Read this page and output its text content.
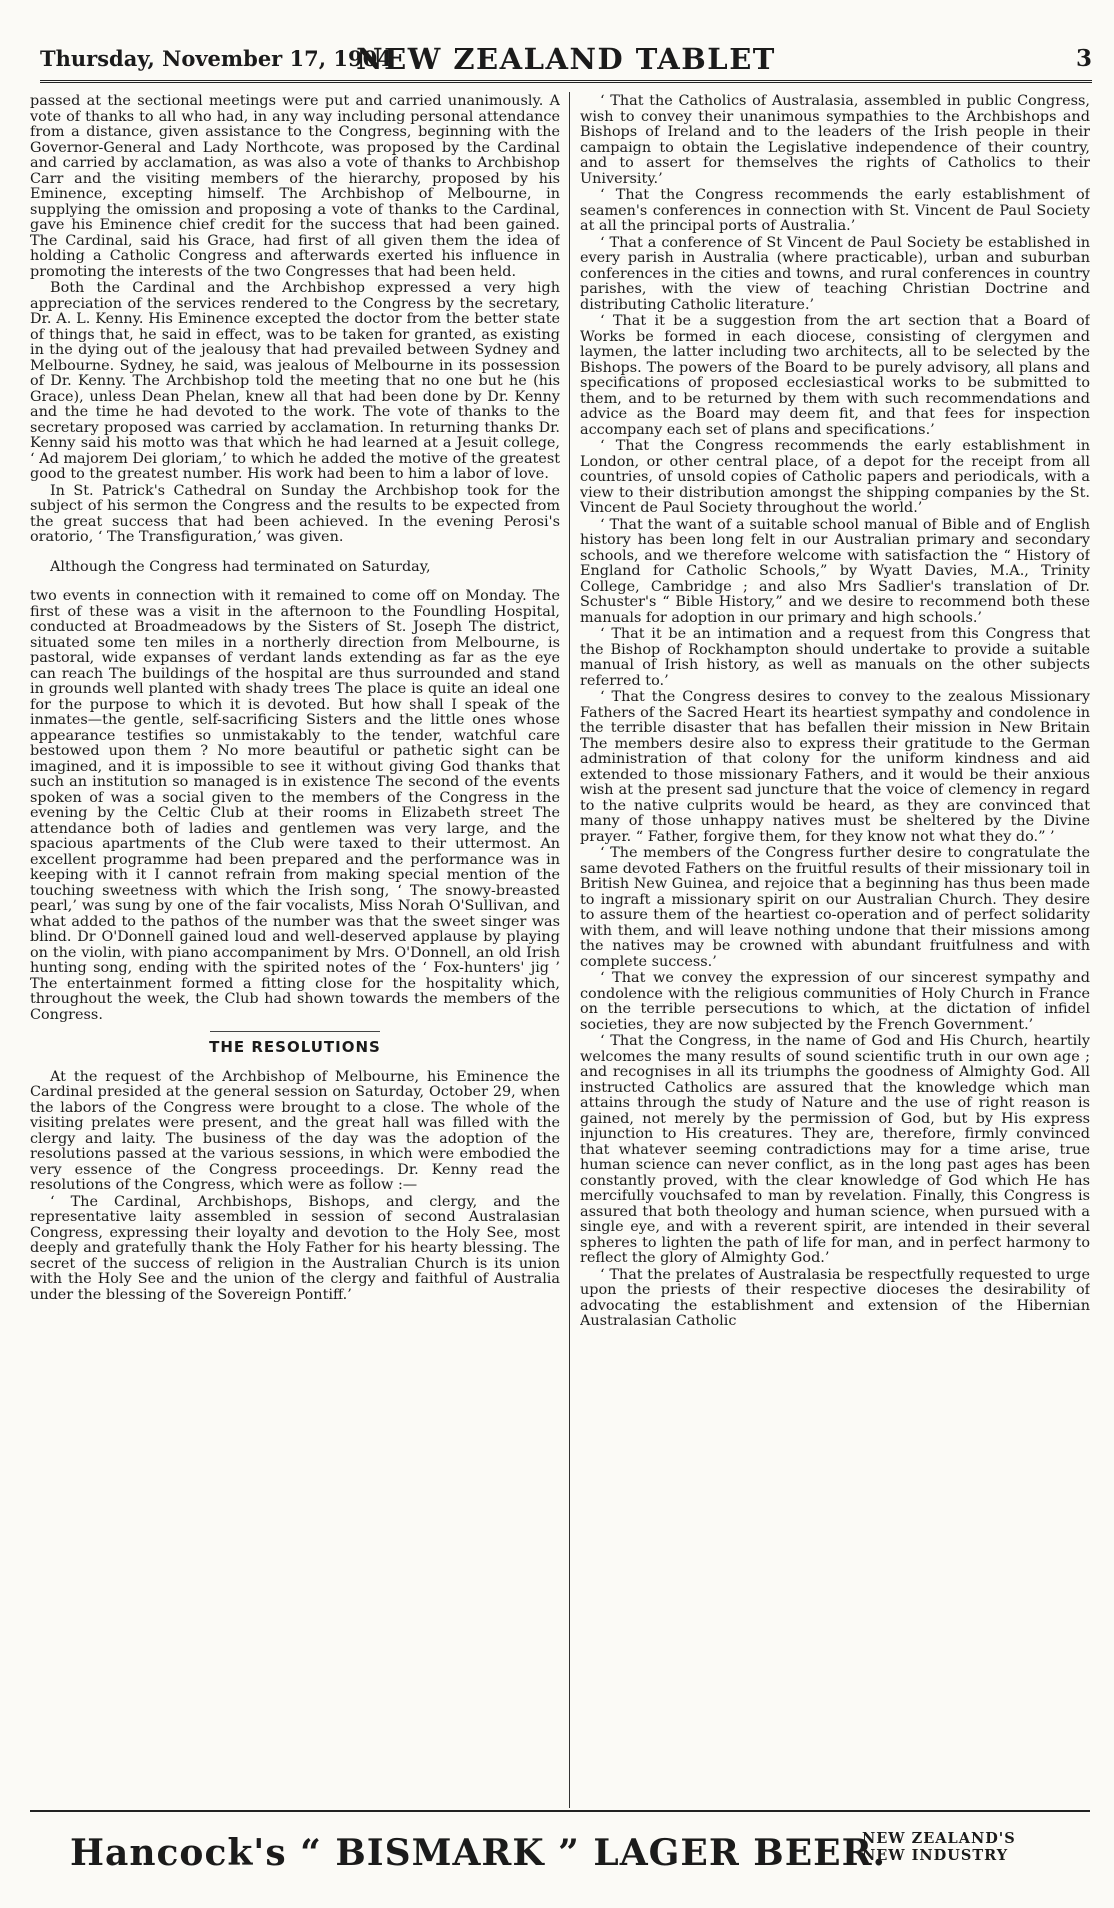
Thursday, November 17, 1904
NEW ZEALAND TABLET	3

passed at the sectional meetings were put and carried unanimously. A vote of thanks to all who had, in any way including personal attendance from a distance, given assistance to the Congress, beginning with the Governor-General and Lady Northcote, was proposed by the Cardinal and carried by acclamation, as was also a vote of thanks to Archbishop Carr and the visiting members of the hierarchy, proposed by his Eminence, excepting himself. The Archbishop of Melbourne, in supplying the omission and proposing a vote of thanks to the Cardinal, gave his Eminence chief credit for the success that had been gained. The Cardinal, said his Grace, had first of all given them the idea of holding a Catholic Congress and afterwards exerted his influence in promoting the interests of the two Congresses that had been held.

Both the Cardinal and the Archbishop expressed a very high appreciation of the services rendered to the Congress by the secretary, Dr. A. L. Kenny. His Eminence excepted the doctor from the better state of things that, he said in effect, was to be taken for granted, as existing in the dying out of the jealousy that had prevailed between Sydney and Melbourne. Sydney, he said, was jealous of Melbourne in its possession of Dr. Kenny. The Archbishop told the meeting that no one but he (his Grace), unless Dean Phelan, knew all that had been done by Dr. Kenny and the time he had devoted to the work. The vote of thanks to the secretary proposed was carried by acclamation. In returning thanks Dr. Kenny said his motto was that which he had learned at a Jesuit college, ‘ Ad majorem Dei gloriam,’ to which he added the motive of the greatest good to the greatest number. His work had been to him a labor of love.

In St. Patrick's Cathedral on Sunday the Archbishop took for the subject of his sermon the Congress and the results to be expected from the great success that had been achieved. In the evening Perosi's oratorio, ‘ The Transfiguration,’ was given.

Although the Congress had terminated on Saturday,

two events in connection with it remained to come off on Monday. The first of these was a visit in the afternoon to the Foundling Hospital, conducted at Broadmeadows by the Sisters of St. Joseph The district, situated some ten miles in a northerly direction from Melbourne, is pastoral, wide expanses of verdant lands extending as far as the eye can reach The buildings of the hospital are thus surrounded and stand in grounds well planted with shady trees The place is quite an ideal one for the purpose to which it is devoted. But how shall I speak of the inmates—the gentle, self-sacrificing Sisters and the little ones whose appearance testifies so unmistakably to the tender, watchful care bestowed upon them ? No more beautiful or pathetic sight can be imagined, and it is impossible to see it without giving God thanks that such an institution so managed is in existence The second of the events spoken of was a social given to the members of the Congress in the evening by the Celtic Club at their rooms in Elizabeth street The attendance both of ladies and gentlemen was very large, and the spacious apartments of the Club were taxed to their uttermost. An excellent programme had been prepared and the performance was in keeping with it I cannot refrain from making special mention of the touching sweetness with which the Irish song, ‘ The snowy-breasted pearl,’ was sung by one of the fair vocalists, Miss Norah O'Sullivan, and what added to the pathos of the number was that the sweet singer was blind. Dr O'Donnell gained loud and well-deserved applause by playing on the violin, with piano accompaniment by Mrs. O'Donnell, an old Irish hunting song, ending with the spirited notes of the ‘ Fox-hunters' jig ’ The entertainment formed a fitting close for the hospitality which, throughout the week, the Club had shown towards the members of the Congress.

THE RESOLUTIONS

At the request of the Archbishop of Melbourne, his Eminence the Cardinal presided at the general session on Saturday, October 29, when the labors of the Congress were brought to a close. The whole of the visiting prelates were present, and the great hall was filled with the clergy and laity. The business of the day was the adoption of the resolutions passed at the various sessions, in which were embodied the very essence of the Congress proceedings. Dr. Kenny read the resolutions of the Congress, which were as follow :—

‘ The Cardinal, Archbishops, Bishops, and clergy, and the representative laity assembled in session of second Australasian Congress, expressing their loyalty and devotion to the Holy See, most deeply and gratefully thank the Holy Father for his hearty blessing. The secret of the success of religion in the Australian Church is its union with the Holy See and the union of the clergy and faithful of Australia under the blessing of the Sovereign Pontiff.’

‘ That the Catholics of Australasia, assembled in public Congress, wish to convey their unanimous sympathies to the Archbishops and Bishops of Ireland and to the leaders of the Irish people in their campaign to obtain the Legislative independence of their country, and to assert for themselves the rights of Catholics to their University.’

‘ That the Congress recommends the early establishment of seamen's conferences in connection with St. Vincent de Paul Society at all the principal ports of Australia.’

‘ That a conference of St Vincent de Paul Society be established in every parish in Australia (where practicable), urban and suburban conferences in the cities and towns, and rural conferences in country parishes, with the view of teaching Christian Doctrine and distributing Catholic literature.’

‘ That it be a suggestion from the art section that a Board of Works be formed in each diocese, consisting of clergymen and laymen, the latter including two architects, all to be selected by the Bishops. The powers of the Board to be purely advisory, all plans and specifications of proposed ecclesiastical works to be submitted to them, and to be returned by them with such recommendations and advice as the Board may deem fit, and that fees for inspection accompany each set of plans and specifications.’

‘ That the Congress recommends the early establishment in London, or other central place, of a depot for the receipt from all countries, of unsold copies of Catholic papers and periodicals, with a view to their distribution amongst the shipping companies by the St. Vincent de Paul Society throughout the world.’

‘ That the want of a suitable school manual of Bible and of English history has been long felt in our Australian primary and secondary schools, and we therefore welcome with satisfaction the “ History of England for Catholic Schools,” by Wyatt Davies, M.A., Trinity College, Cambridge ; and also Mrs Sadlier's translation of Dr. Schuster's “ Bible History,” and we desire to recommend both these manuals for adoption in our primary and high schools.’

‘ That it be an intimation and a request from this Congress that the Bishop of Rockhampton should undertake to provide a suitable manual of Irish history, as well as manuals on the other subjects referred to.’

‘ That the Congress desires to convey to the zealous Missionary Fathers of the Sacred Heart its heartiest sympathy and condolence in the terrible disaster that has befallen their mission in New Britain The members desire also to express their gratitude to the German administration of that colony for the uniform kindness and aid extended to those missionary Fathers, and it would be their anxious wish at the present sad juncture that the voice of clemency in regard to the native culprits would be heard, as they are convinced that many of those unhappy natives must be sheltered by the Divine prayer. “ Father, forgive them, for they know not what they do.” ’

‘ The members of the Congress further desire to congratulate the same devoted Fathers on the fruitful results of their missionary toil in British New Guinea, and rejoice that a beginning has thus been made to ingraft a missionary spirit on our Australian Church. They desire to assure them of the heartiest co-operation and of perfect solidarity with them, and will leave nothing undone that their missions among the natives may be crowned with abundant fruitfulness and with complete success.’

‘ That we convey the expression of our sincerest sympathy and condolence with the religious communities of Holy Church in France on the terrible persecutions to which, at the dictation of infidel societies, they are now subjected by the French Government.’

‘ That the Congress, in the name of God and His Church, heartily welcomes the many results of sound scientific truth in our own age ; and recognises in all its triumphs the goodness of Almighty God. All instructed Catholics are assured that the knowledge which man attains through the study of Nature and the use of right reason is gained, not merely by the permission of God, but by His express injunction to His creatures. They are, therefore, firmly convinced that whatever seeming contradictions may for a time arise, true human science can never conflict, as in the long past ages has been constantly proved, with the clear knowledge of God which He has mercifully vouchsafed to man by revelation. Finally, this Congress is assured that both theology and human science, when pursued with a single eye, and with a reverent spirit, are intended in their several spheres to lighten the path of life for man, and in perfect harmony to reflect the glory of Almighty God.’

‘ That the prelates of Australasia be respectfully requested to urge upon the priests of their respective dioceses the desirability of advocating the establishment and extension of the Hibernian Australasian Catholic

Hancock's “ BISMARK ” LAGER BEER.
NEW ZEALAND'S
NEW INDUSTRY
